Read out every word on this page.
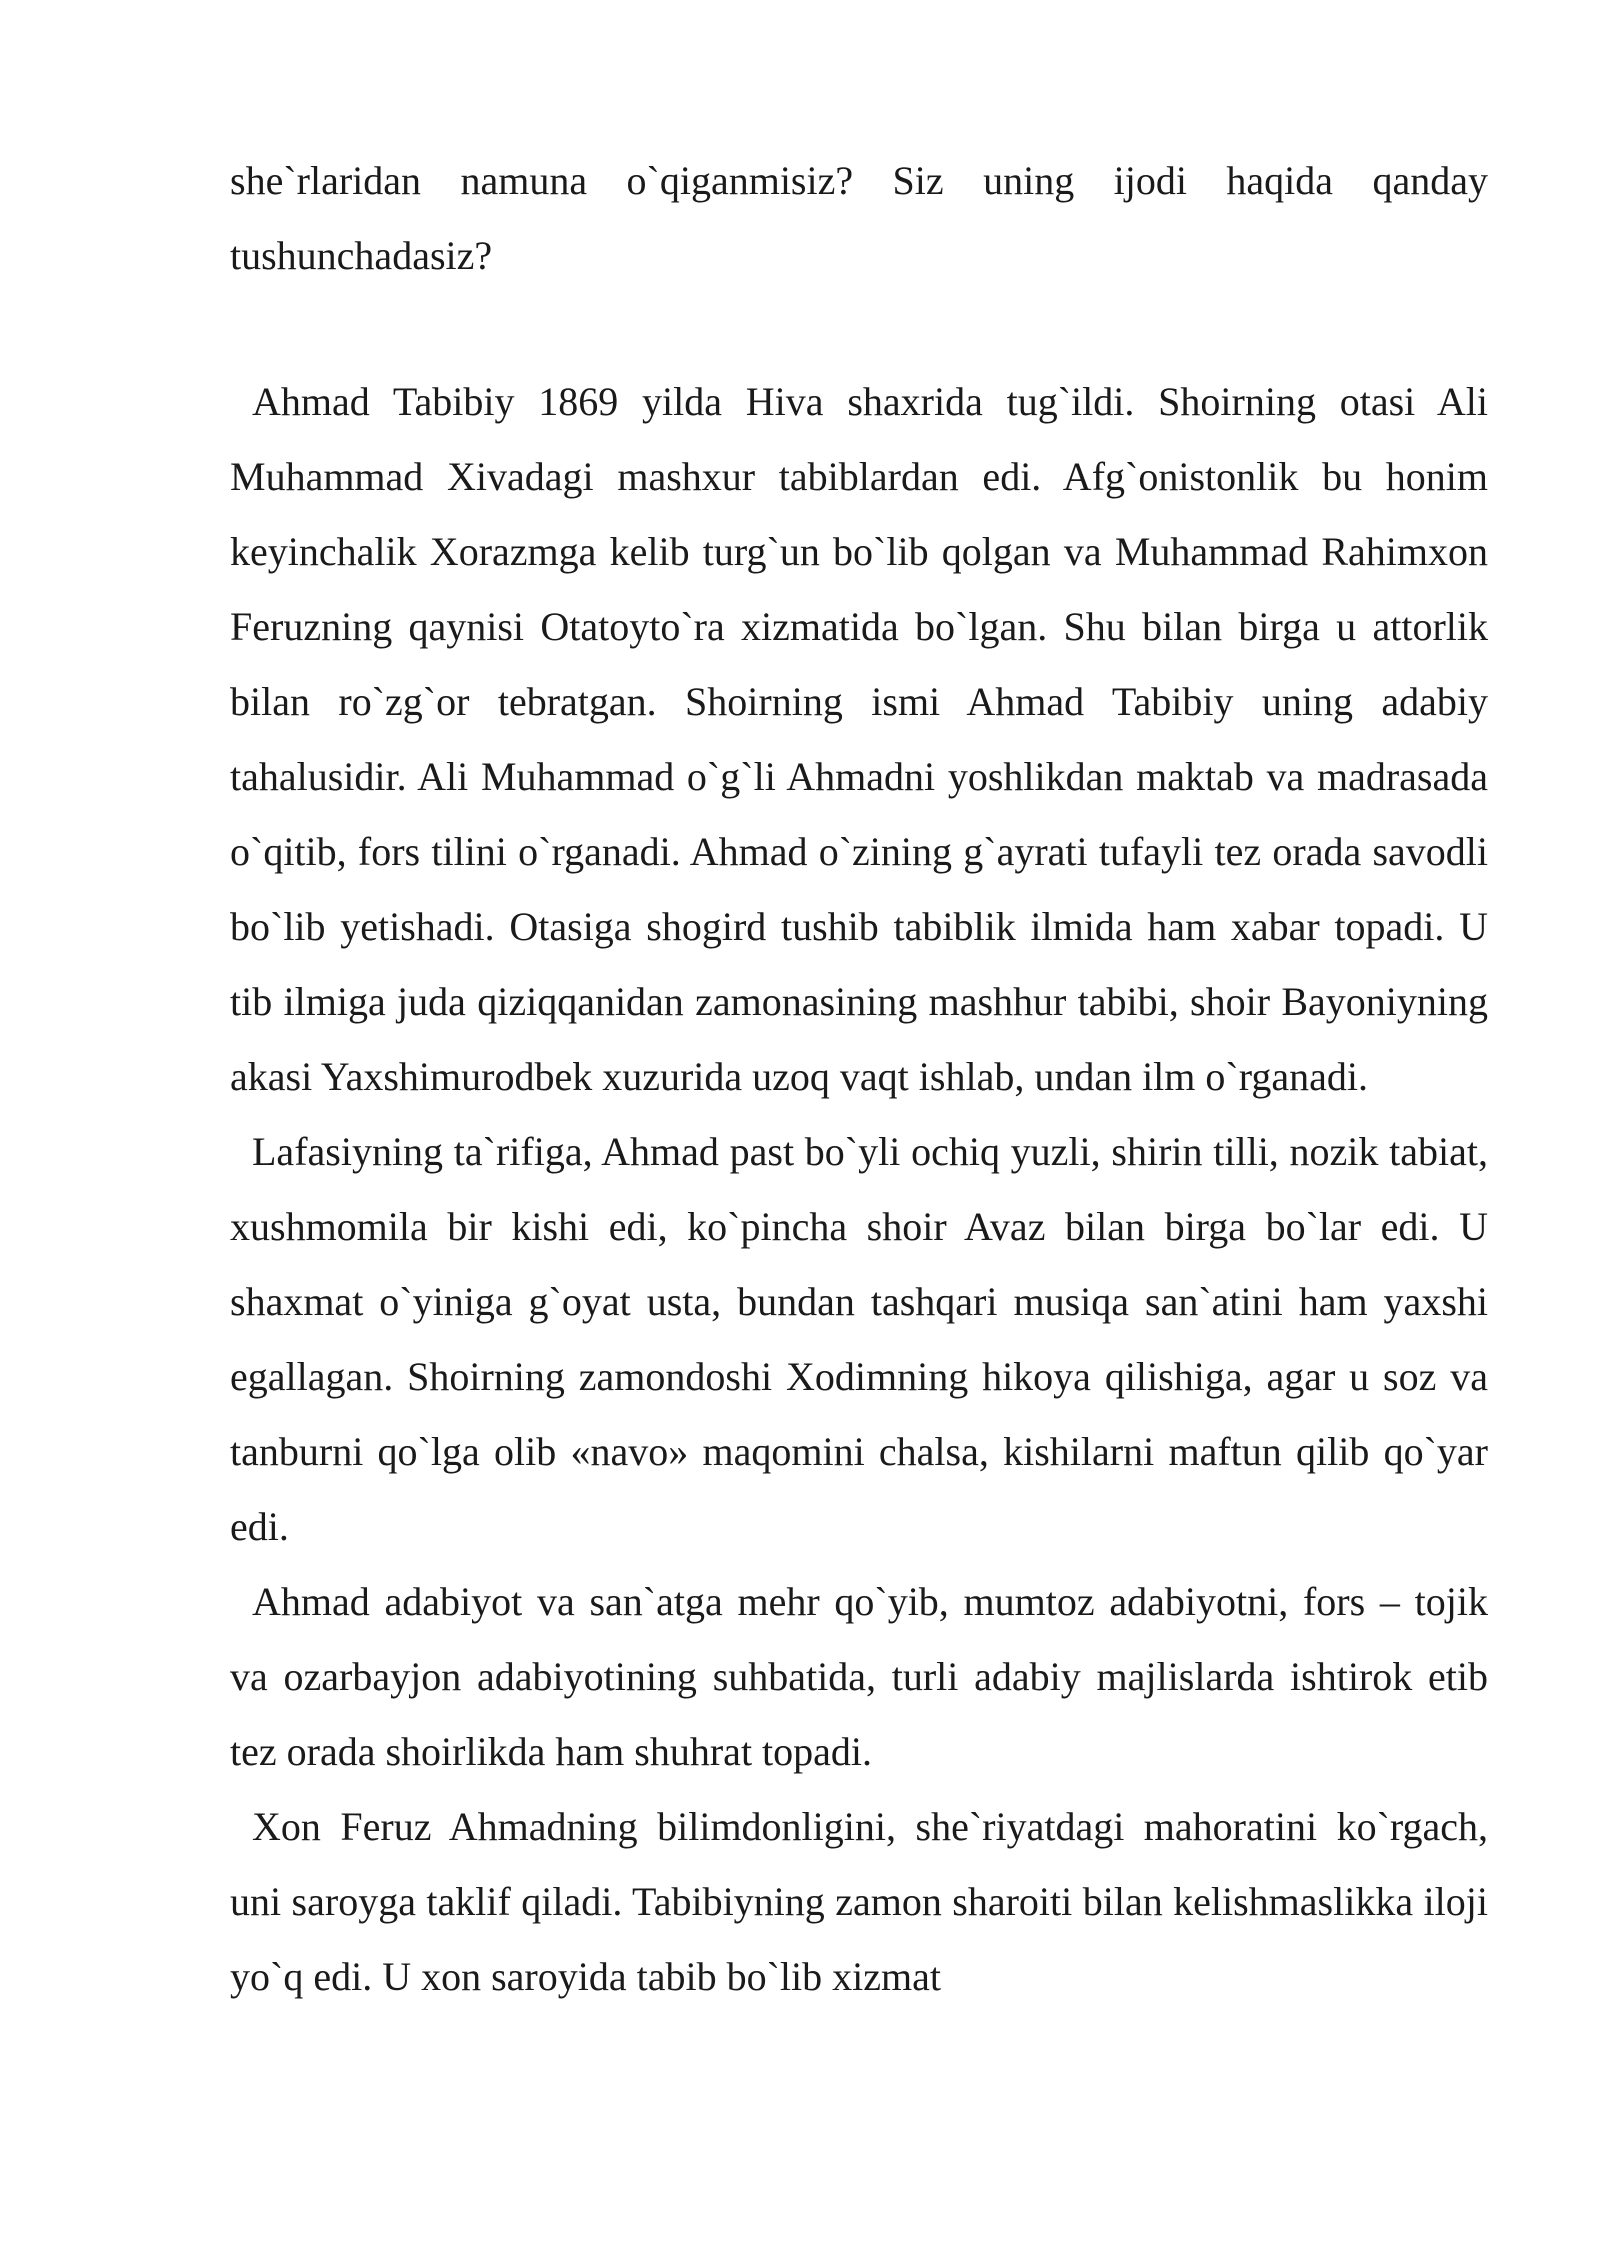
she`rlaridan namuna o`qiganmisiz? Siz uning ijodi haqida qanday tushunchadasiz?

Ahmad Tabibiy 1869 yilda Hiva shaxrida tug`ildi. Shoirning otasi Ali Muhammad Xivadagi mashxur tabiblardan edi. Afg`onistonlik bu honim keyinchalik Xorazmga kelib turg`un bo`lib qolgan va Muhammad Rahimxon Feruzning qaynisi Otatoyto`ra xizmatida bo`lgan. Shu bilan birga u attorlik bilan ro`zg`or tebratgan. Shoirning ismi Ahmad Tabibiy uning adabiy tahalusidir. Ali Muhammad o`g`li Ahmadni yoshlikdan maktab va madrasada o`qitib, fors tilini o`rganadi. Ahmad o`zining g`ayrati tufayli tez orada savodli bo`lib yetishadi. Otasiga shogird tushib tabiblik ilmida ham xabar topadi. U tib ilmiga juda qiziqqanidan zamonasining mashhur tabibi, shoir Bayoniyning akasi Yaxshimurodbek xuzurida uzoq vaqt ishlab, undan ilm o`rganadi.

Lafasiyning ta`rifiga, Ahmad past bo`yli ochiq yuzli, shirin tilli, nozik tabiat, xushmomila bir kishi edi, ko`pincha shoir Avaz bilan birga bo`lar edi. U shaxmat o`yiniga g`oyat usta, bundan tashqari musiqa san`atini ham yaxshi egallagan. Shoirning zamondoshi Xodimning hikoya qilishiga, agar u soz va tanburni qo`lga olib «navo» maqomini chalsa, kishilarni maftun qilib qo`yar edi.

Ahmad adabiyot va san`atga mehr qo`yib, mumtoz adabiyotni, fors – tojik va ozarbayjon adabiyotining suhbatida, turli adabiy majlislarda ishtirok etib tez orada shoirlikda ham shuhrat topadi.

Xon Feruz Ahmadning bilimdonligini, she`riyatdagi mahoratini ko`rgach, uni saroyga taklif qiladi. Tabibiyning zamon sharoiti bilan kelishmaslikka iloji yo`q edi. U xon saroyida tabib bo`lib xizmat
